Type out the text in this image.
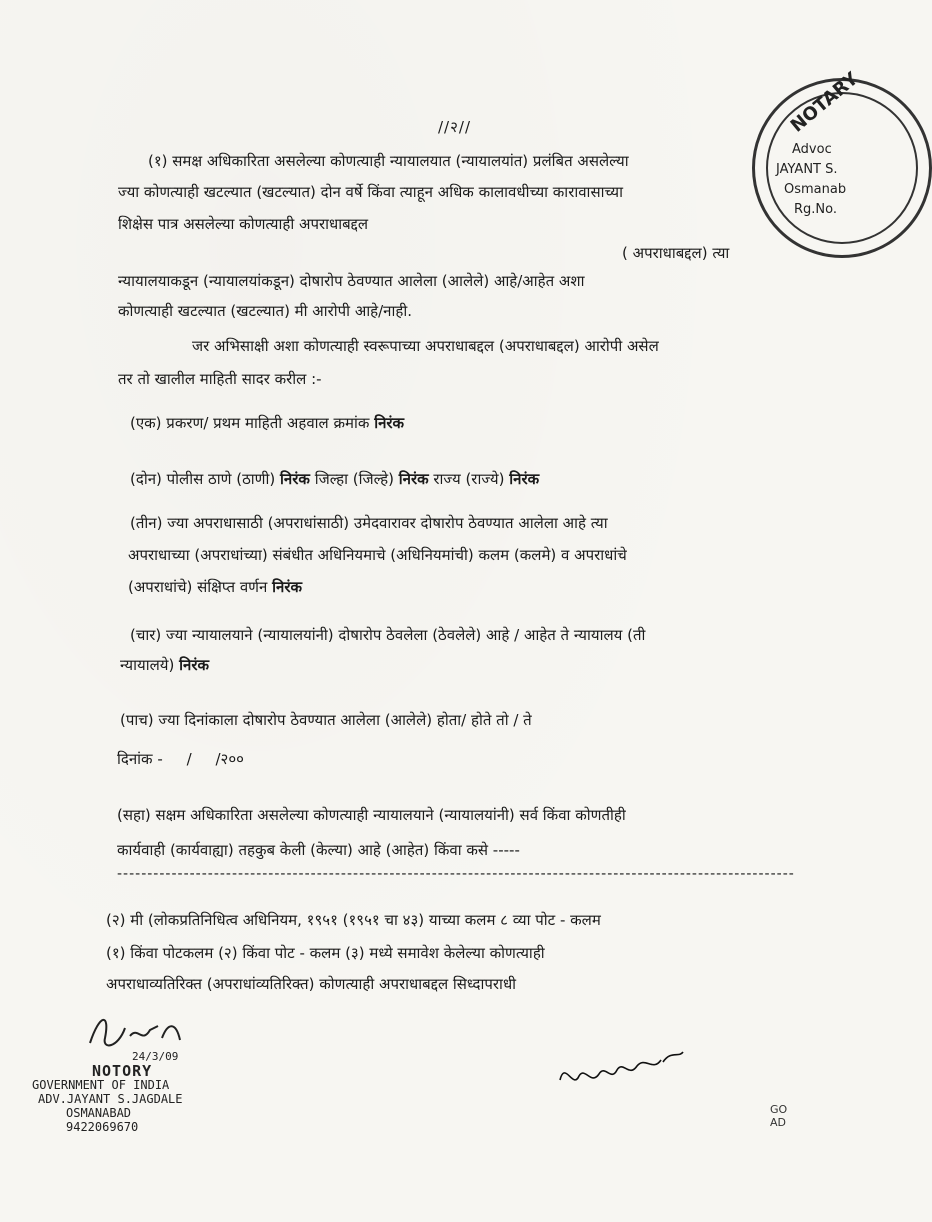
//२//
(१) समक्ष अधिकारिता असलेल्या कोणत्याही न्यायालयात (न्यायालयांत) प्रलंबित असलेल्या
ज्या कोणत्याही खटल्यात (खटल्यात) दोन वर्षे किंवा त्याहून अधिक कालावधीच्या कारावासाच्या
शिक्षेस पात्र असलेल्या कोणत्याही अपराधाबद्दल
( अपराधाबद्दल) त्या
न्यायालयाकडून (न्यायालयांकडून) दोषारोप ठेवण्यात आलेला (आलेले) आहे/आहेत अशा
कोणत्याही खटल्यात (खटल्यात) मी आरोपी आहे/नाही.
जर अभिसाक्षी अशा कोणत्याही स्वरूपाच्या अपराधाबद्दल (अपराधाबद्दल) आरोपी असेल
तर तो खालील माहिती सादर करील :-
(एक) प्रकरण/ प्रथम माहिती अहवाल क्रमांक निरंक
(दोन) पोलीस ठाणे (ठाणी) निरंक जिल्हा (जिल्हे) निरंक राज्य (राज्ये) निरंक
(तीन) ज्या अपराधासाठी (अपराधांसाठी) उमेदवारावर दोषारोप ठेवण्यात आलेला आहे त्या
अपराधाच्या (अपराधांच्या) संबंधीत अधिनियमाचे (अधिनियमांची) कलम (कलमे) व अपराधांचे
(अपराधांचे) संक्षिप्त वर्णन निरंक
(चार) ज्या न्यायालयाने (न्यायालयांनी) दोषारोप ठेवलेला (ठेवलेले) आहे / आहेत ते न्यायालय (ती
न्यायालये) निरंक
(पाच) ज्या दिनांकाला दोषारोप ठेवण्यात आलेला (आलेले) होता/ होते तो / ते
दिनांक -     /     /२००
(सहा) सक्षम अधिकारिता असलेल्या कोणत्याही न्यायालयाने (न्यायालयांनी) सर्व किंवा कोणतीही
कार्यवाही (कार्यवाह्या) तहकुब केली (केल्या) आहे (आहेत) किंवा कसे -----
----------------------------------------------------------------------------------------------------------------
(२) मी (लोकप्रतिनिधित्व अधिनियम, १९५१ (१९५१ चा ४३) याच्या कलम ८ व्या पोट - कलम
(१) किंवा पोटकलम (२) किंवा पोट - कलम (३) मध्ये समावेश केलेल्या कोणत्याही
अपराधाव्यतिरिक्त (अपराधांव्यतिरिक्त) कोणत्याही अपराधाबद्दल सिध्दापराधी
NOTARY
Advoc
JAYANT S.
Osmanab
Rg.No.
24/3/09
NOTORY
GOVERNMENT OF INDIA
ADV.JAYANT S.JAGDALE
OSMANABAD
9422069670
GO
AD
